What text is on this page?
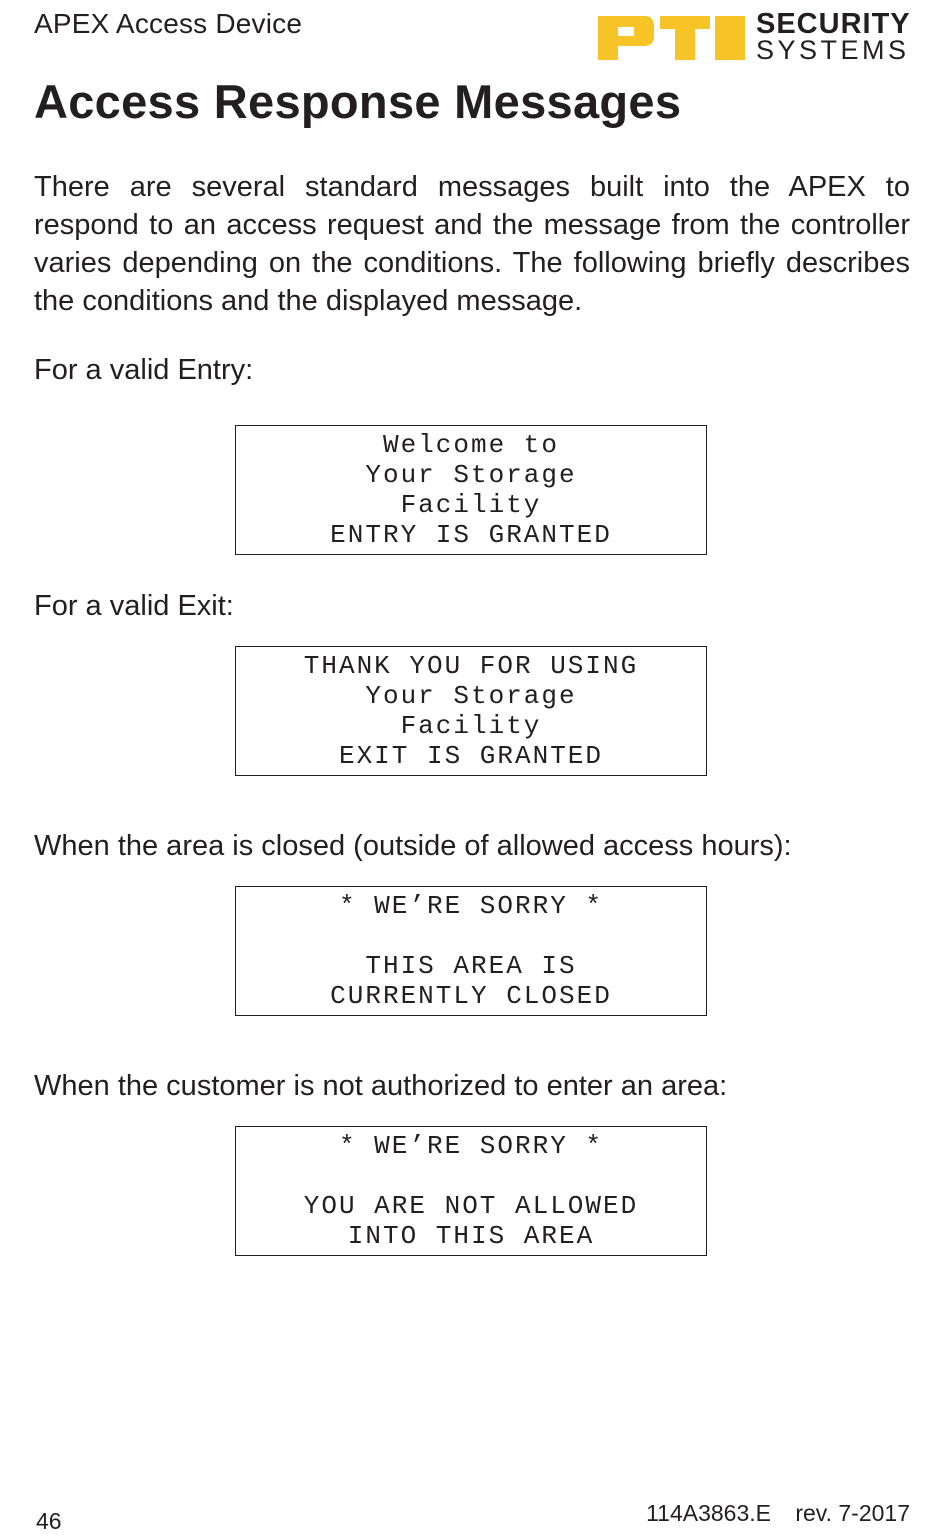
APEX Access Device	SECURITY
SYSTEMS
Access Response Messages

There are several standard messages built into the APEX to respond to an access request and the message from the controller varies depending on the conditions. The following briefly describes the conditions and the displayed message.

For a valid Entry:

Welcome to
Your Storage
Facility
ENTRY IS GRANTED

For a valid Exit:

THANK YOU FOR USING
Your Storage
Facility
EXIT IS GRANTED

When the area is closed (outside of allowed access hours):

* WE’RE SORRY *
THIS AREA IS
CURRENTLY CLOSED

When the customer is not authorized to enter an area:

* WE’RE SORRY *
YOU ARE NOT ALLOWED
INTO THIS AREA
46	114A3863.E rev. 7-2017
